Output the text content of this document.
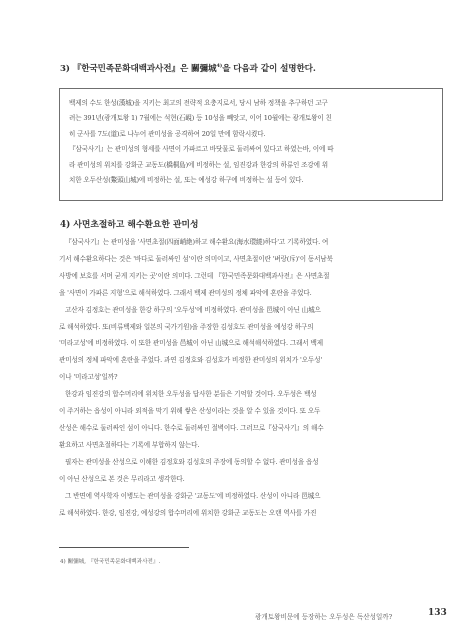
3) 『한국민족문화대백과사전』은 關彌城$^{4)}$을 다음과 같이 설명한다.
백제의 수도 한성(漢城)을 지키는 최고의 전략적 요충지로서, 당시 남하 정책을 추구하던 고구
려는 391년(광개토왕 1) 7월에는 석현(石峴) 등 10성을 빼앗고, 이어 10월에는 광개토왕이 친
히 군사를 7도(道)로 나누어 관미성을 공격하여 20일 만에 함락시켰다.
『삼국사기』는 관미성의 형세를 사면이 가파르고 바닷물로 둘러싸여 있다고 하였는바, 이에 따
라 관미성의 위치를 강화군 교동도(橋桐島)에 비정하는 설, 임진강과 한강의 하류인 조강에 위
치한 오두산성(鰲頭山城)에 비정하는 설, 또는 예성강 하구에 비정하는 설 등이 있다.
4) 사면초절하고 해수환요한 관미성
『삼국사기』는 관미성을 '사면초절(四面峭絶)하고 해수환요(海水環繞)하다'고 기록하였다. 여
기서 해수환요하다는 것은 '바다로 둘러싸인 섬'이란 의미이고, 사면초절이란 '벼랑(斥)'이 동서남북
사방에 보호를 서며 굳게 지키는 곳'이란 의미다. 그런데 『한국민족문화대백과사전』은 사면초절
을 '사면이 가파른 지형'으로 해석하였다. 그래서 백제 관미성의 정체 파악에 혼란을 주었다.
고산자 김정호는 관미성을 한강 하구의 '오두성'에 비정하였다. 관미성을 邑城이 아닌 山城으
로 해석하였다. 또(비류백제와 일본의 국가기원)을 주장한 김성호도 관미성을 예성강 하구의
'미라고성'에 비정하였다. 이 또한 관미성을 邑城이 아닌 山城으로 해석해석하였다. 그래서 백제
관미성의 정체 파악에 혼란을 주었다. 과연 김정호와 김성호가 비정한 관미성의 위치가 '오두성'
이나 '미라고성'일까?
한강과 임진강의 합수머리에 위치한 오두성을 답사한 분들은 기억할 것이다. 오두성은 백성
이 주거하는 읍성이 아니라 외적을 막기 위해 쌓은 산성이라는 것을 알 수 있을 것이다. 또 오두
산성은 해수로 둘러싸인 섬이 아니다. 한수로 둘러싸인 절벽이다. 그러므로『삼국사기』의 해수
환요하고 사면초절하다는 기록에 부합하지 않는다.
필자는 관미성을 산성으로 이해한 김정호와 김성호의 주장에 동의할 수 없다. 관미성을 읍성
이 아닌 산성으로 본 것은 무리라고 생각한다.
그 반면에 역사학자 이병도는 관미성을 강화군 '교동도'에 비정하였다. 산성이 아니라 邑城으
로 해석하였다. 한강, 임진강, 예성강의 합수머리에 위치한 강화군 교동도는 오랜 역사를 가진
4) 關彌城, 『한국민족문화대백과사전』.
광개토왕비문에 등장하는 오두성은 독산성일까?	133
